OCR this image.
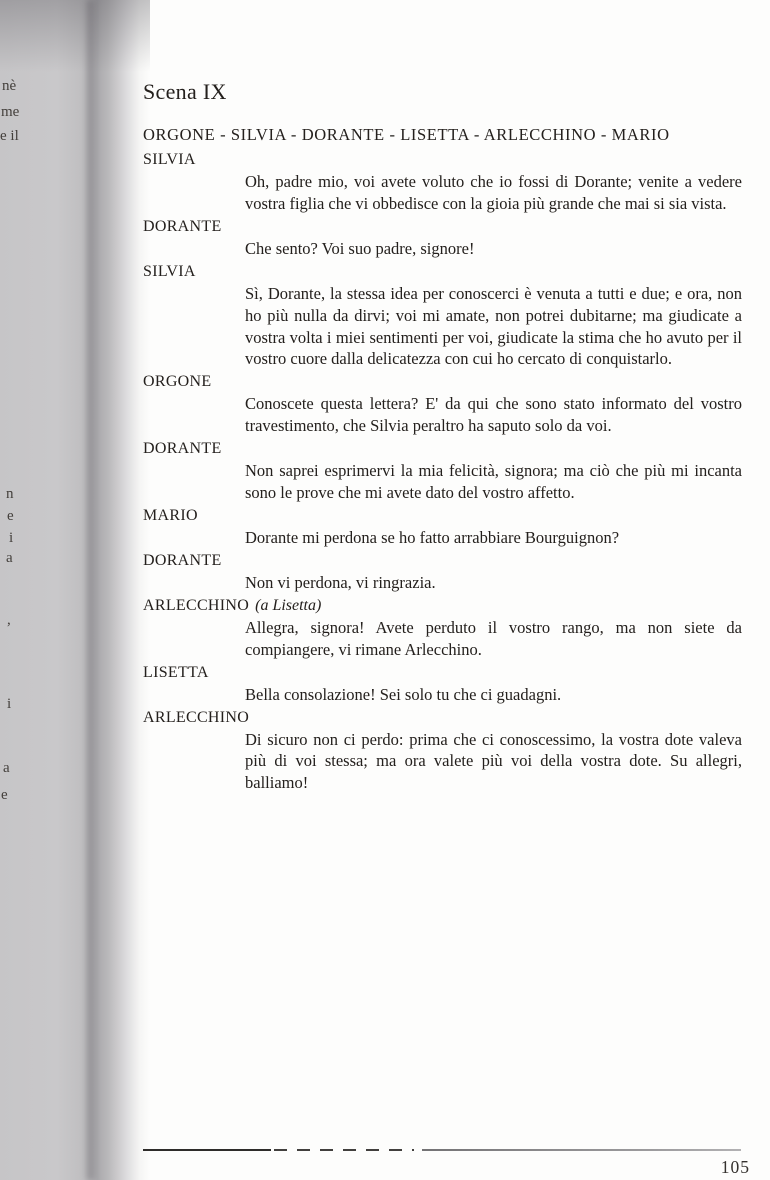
nè
me
e il
n
e
i
a
,
i
a
e
Scena IX
ORGONE - SILVIA - DORANTE - LISETTA - ARLECCHINO - MARIO
SILVIA

Oh, padre mio, voi avete voluto che io fossi di Dorante; venite a vedere vostra figlia che vi obbedisce con la gioia più grande che mai si sia vista.

DORANTE

Che sento? Voi suo padre, signore!

SILVIA

Sì, Dorante, la stessa idea per conoscerci è venuta a tutti e due; e ora, non ho più nulla da dirvi; voi mi amate, non potrei dubitarne; ma giudicate a vostra volta i miei sentimenti per voi, giudicate la stima che ho avuto per il vostro cuore dalla delicatezza con cui ho cercato di conquistarlo.

ORGONE

Conoscete questa lettera? E' da qui che sono stato informato del vostro travestimento, che Silvia peraltro ha saputo solo da voi.

DORANTE

Non saprei esprimervi la mia felicità, signora; ma ciò che più mi incanta sono le prove che mi avete dato del vostro affetto.

MARIO

Dorante mi perdona se ho fatto arrabbiare Bourguignon?

DORANTE

Non vi perdona, vi ringrazia.

ARLECCHINO (a Lisetta)

Allegra, signora! Avete perduto il vostro rango, ma non siete da compiangere, vi rimane Arlecchino.

LISETTA

Bella consolazione! Sei solo tu che ci guadagni.

ARLECCHINO

Di sicuro non ci perdo: prima che ci conoscessimo, la vostra dote valeva più di voi stessa; ma ora valete più voi della vostra dote. Su allegri, balliamo!

105
